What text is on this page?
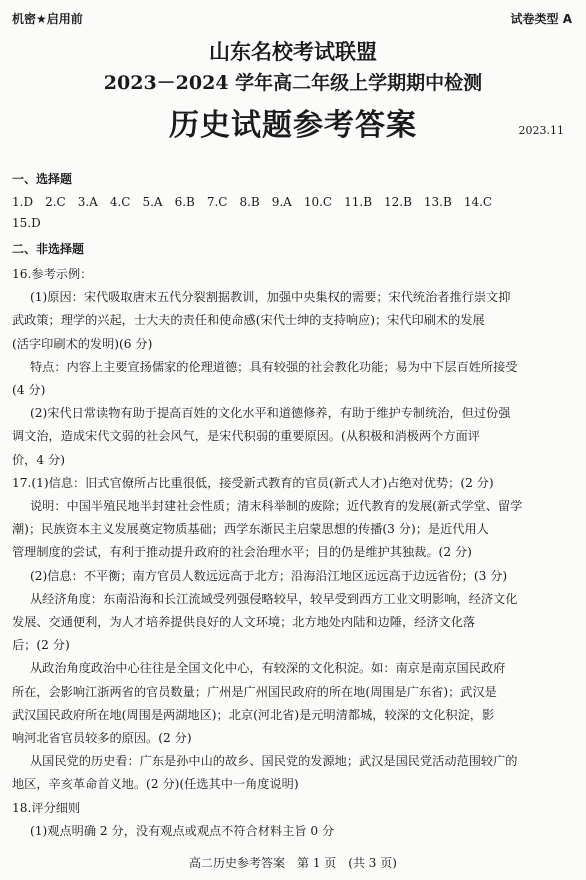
机密★启用前	试卷类型 A
山东名校考试联盟
2023－2024 学年高二年级上学期期中检测
历史试题参考答案	2023.11
一、选择题
1.D　2.C　3.A　4.C　5.A　6.B　7.C　8.B　9.A　10.C　11.B　12.B　13.B　14.C
15.D
二、非选择题
16.参考示例：
(1)原因：宋代吸取唐末五代分裂割据教训，加强中央集权的需要；宋代统治者推行崇文抑
武政策；理学的兴起，士大夫的责任和使命感(宋代士绅的支持响应)；宋代印刷术的发展
(活字印刷术的发明)(6 分)
特点：内容上主要宣扬儒家的伦理道德；具有较强的社会教化功能；易为中下层百姓所接受
(4 分)
(2)宋代日常读物有助于提高百姓的文化水平和道德修养，有助于维护专制统治，但过份强
调文治，造成宋代文弱的社会风气，是宋代积弱的重要原因。(从积极和消极两个方面评
价，4 分)
17.(1)信息：旧式官僚所占比重很低，接受新式教育的官员(新式人才)占绝对优势；(2 分)
说明：中国半殖民地半封建社会性质；清末科举制的废除；近代教育的发展(新式学堂、留学
潮)；民族资本主义发展奠定物质基础；西学东渐民主启蒙思想的传播(3 分)；是近代用人
管理制度的尝试，有利于推动提升政府的社会治理水平；目的仍是维护其独裁。(2 分)
(2)信息：不平衡；南方官员人数远远高于北方；沿海沿江地区远远高于边远省份；(3 分)
从经济角度：东南沿海和长江流域受列强侵略较早，较早受到西方工业文明影响，经济文化
发展、交通便利，为人才培养提供良好的人文环境；北方地处内陆和边陲，经济文化落
后；(2 分)
从政治角度政治中心往往是全国文化中心，有较深的文化积淀。如：南京是南京国民政府
所在，会影响江浙两省的官员数量；广州是广州国民政府的所在地(周围是广东省)；武汉是
武汉国民政府所在地(周围是两湖地区)；北京(河北省)是元明清都城，较深的文化积淀，影
响河北省官员较多的原因。(2 分)
从国民党的历史看：广东是孙中山的故乡、国民党的发源地；武汉是国民党活动范围较广的
地区，辛亥革命首义地。(2 分)(任选其中一角度说明)
18.评分细则
(1)观点明确 2 分，没有观点或观点不符合材料主旨 0 分
高二历史参考答案　第 1 页　(共 3 页)
